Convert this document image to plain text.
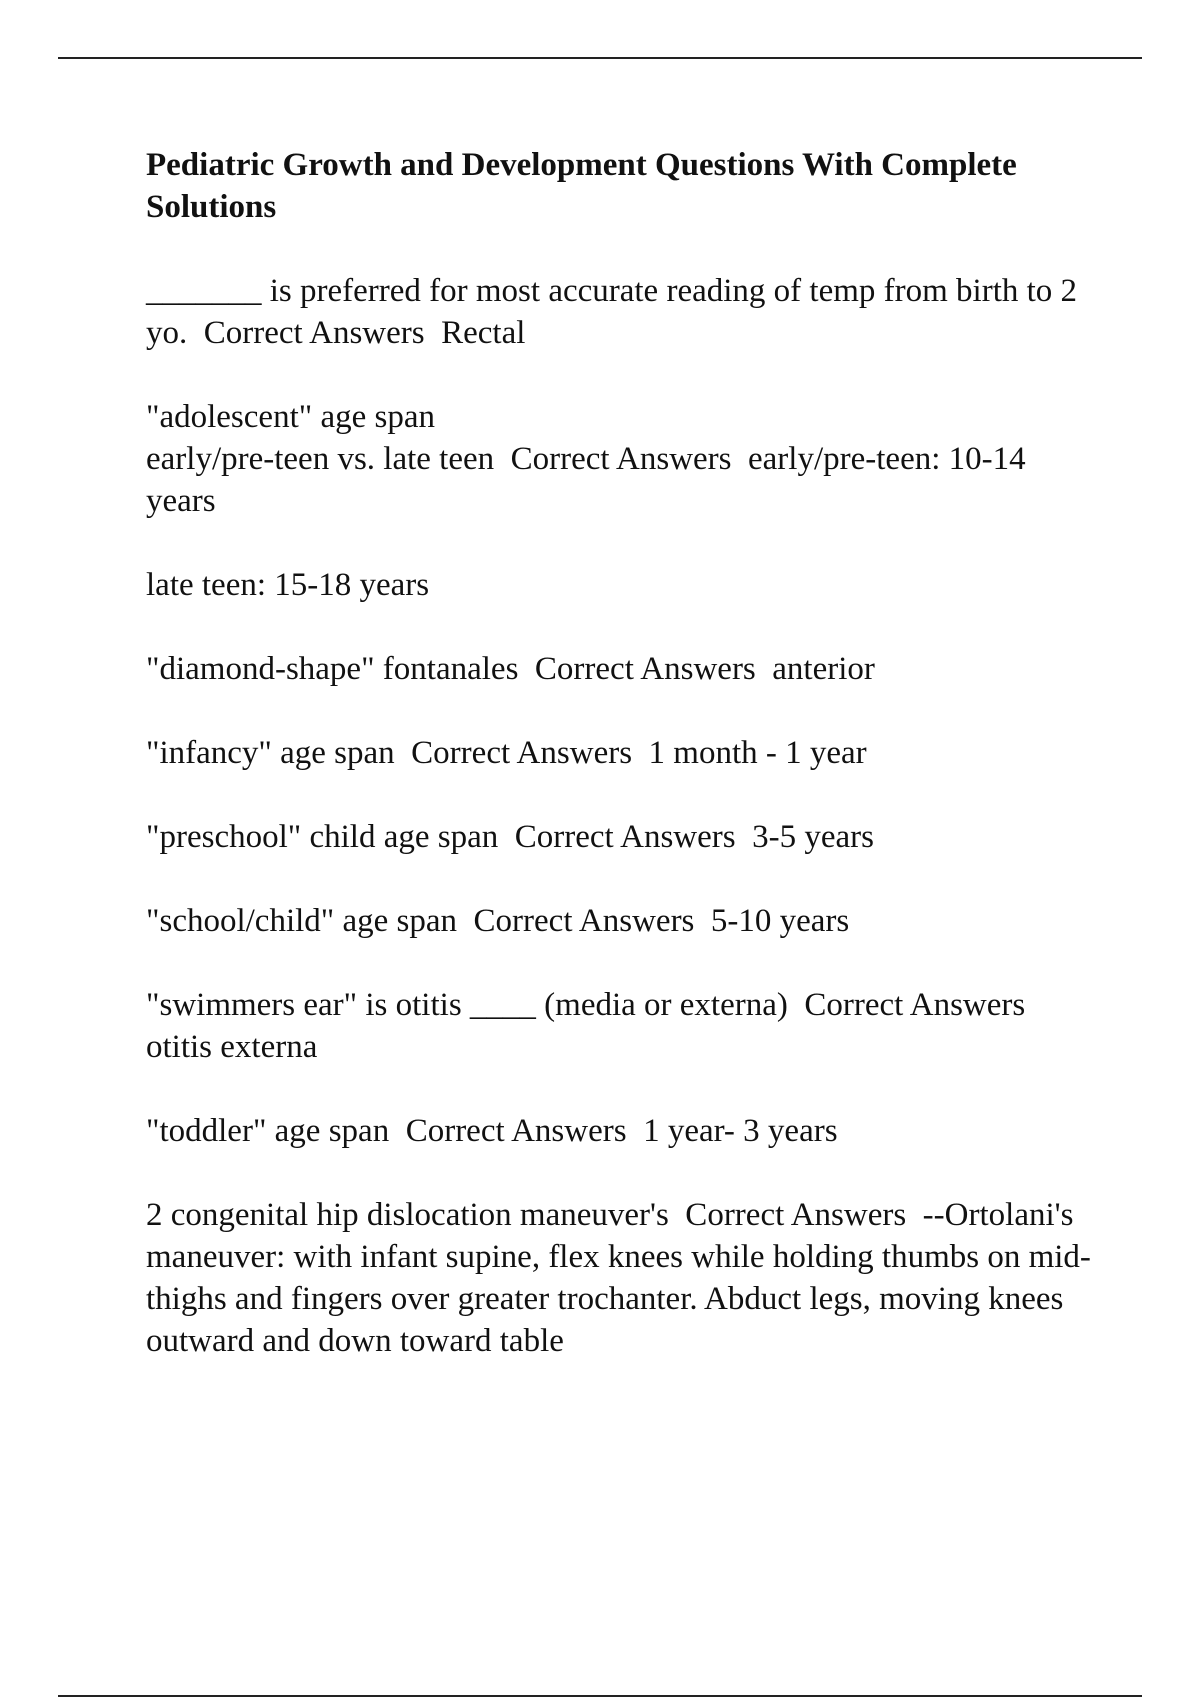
Pediatric Growth and Development Questions With Complete Solutions
_______ is preferred for most accurate reading of temp from birth to 2 yo.  Correct Answers  Rectal
"adolescent" age span
early/pre-teen vs. late teen  Correct Answers  early/pre-teen: 10-14 years
late teen: 15-18 years
"diamond-shape" fontanales  Correct Answers  anterior
"infancy" age span  Correct Answers  1 month - 1 year
"preschool" child age span  Correct Answers  3-5 years
"school/child" age span  Correct Answers  5-10 years
"swimmers ear" is otitis ____ (media or externa)  Correct Answers  otitis externa
"toddler" age span  Correct Answers  1 year- 3 years
2 congenital hip dislocation maneuver's  Correct Answers  --Ortolani's maneuver: with infant supine, flex knees while holding thumbs on mid-thighs and fingers over greater trochanter. Abduct legs, moving knees outward and down toward table
